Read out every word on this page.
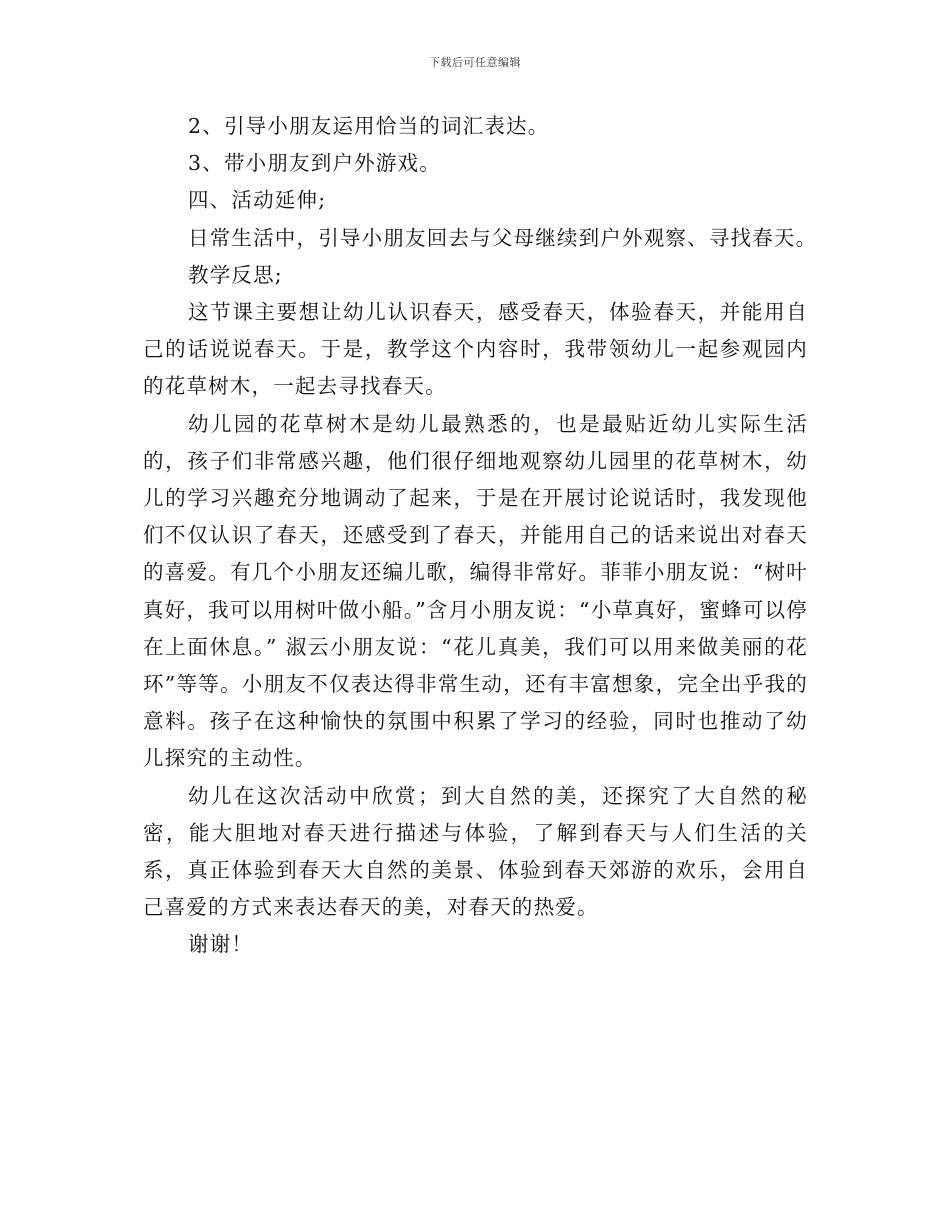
下载后可任意编辑
2、引导小朋友运用恰当的词汇表达。
3、带小朋友到户外游戏。
四、活动延伸;
日常生活中，引导小朋友回去与父母继续到户外观察、寻找春天。
教学反思;

这节课主要想让幼儿认识春天，感受春天，体验春天，并能用自己的话说说春天。于是，教学这个内容时，我带领幼儿一起参观园内的花草树木，一起去寻找春天。

幼儿园的花草树木是幼儿最熟悉的，也是最贴近幼儿实际生活的，孩子们非常感兴趣，他们很仔细地观察幼儿园里的花草树木，幼儿的学习兴趣充分地调动了起来，于是在开展讨论说话时，我发现他们不仅认识了春天，还感受到了春天，并能用自己的话来说出对春天的喜爱。有几个小朋友还编儿歌，编得非常好。菲菲小朋友说：“树叶真好，我可以用树叶做小船。”含月小朋友说：“小草真好，蜜蜂可以停在上面休息。” 淑云小朋友说：“花儿真美，我们可以用来做美丽的花环”等等。小朋友不仅表达得非常生动，还有丰富想象，完全出乎我的意料。孩子在这种愉快的氛围中积累了学习的经验，同时也推动了幼儿探究的主动性。

幼儿在这次活动中欣赏；到大自然的美，还探究了大自然的秘密，能大胆地对春天进行描述与体验，了解到春天与人们生活的关系，真正体验到春天大自然的美景、体验到春天郊游的欢乐，会用自己喜爱的方式来表达春天的美，对春天的热爱。

谢谢！
